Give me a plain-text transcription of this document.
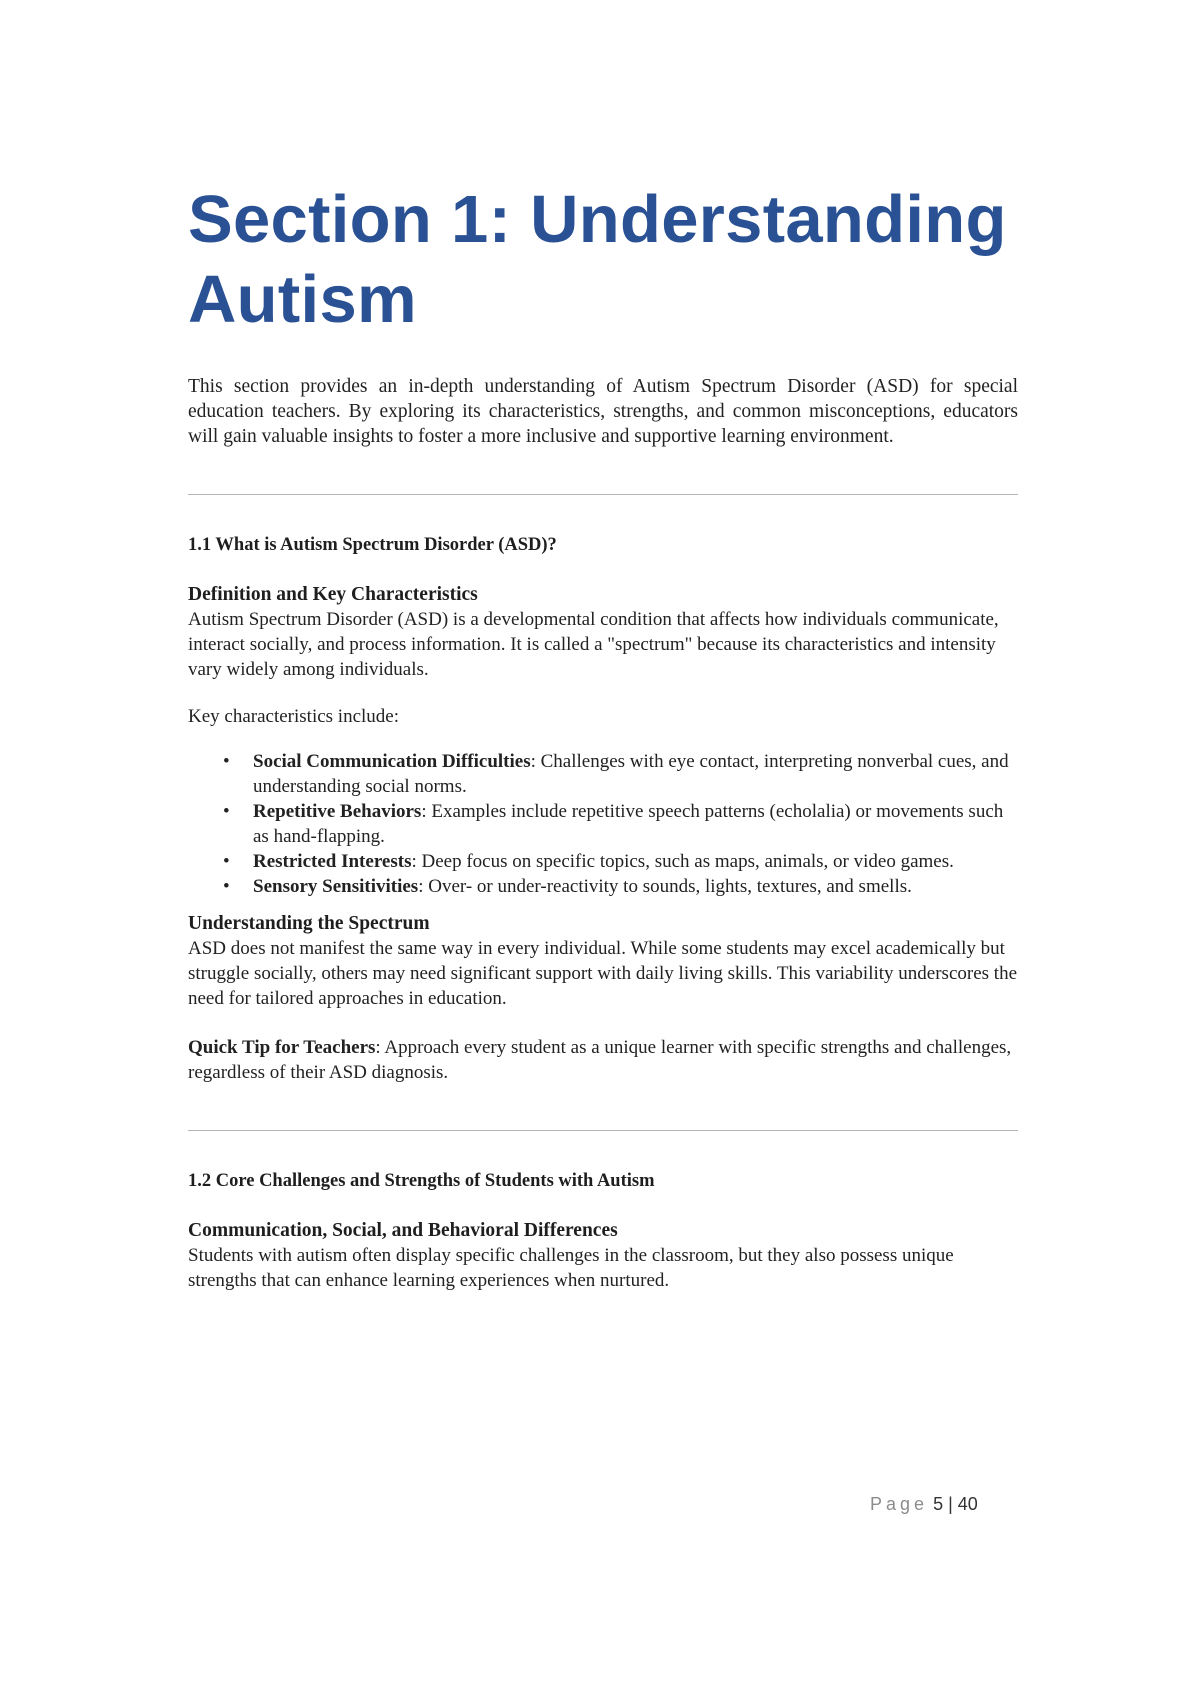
Section 1: Understanding Autism

This section provides an in-depth understanding of Autism Spectrum Disorder (ASD) for special education teachers. By exploring its characteristics, strengths, and common misconceptions, educators will gain valuable insights to foster a more inclusive and supportive learning environment.

1.1 What is Autism Spectrum Disorder (ASD)?
Definition and Key Characteristics

Autism Spectrum Disorder (ASD) is a developmental condition that affects how individuals communicate, interact socially, and process information. It is called a "spectrum" because its characteristics and intensity vary widely among individuals.

Key characteristics include:

• Social Communication Difficulties: Challenges with eye contact, interpreting nonverbal cues, and understanding social norms.
• Repetitive Behaviors: Examples include repetitive speech patterns (echolalia) or movements such as hand-flapping.
• Restricted Interests: Deep focus on specific topics, such as maps, animals, or video games.
• Sensory Sensitivities: Over- or under-reactivity to sounds, lights, textures, and smells.
Understanding the Spectrum

ASD does not manifest the same way in every individual. While some students may excel academically but struggle socially, others may need significant support with daily living skills. This variability underscores the need for tailored approaches in education.

Quick Tip for Teachers: Approach every student as a unique learner with specific strengths and challenges, regardless of their ASD diagnosis.

1.2 Core Challenges and Strengths of Students with Autism
Communication, Social, and Behavioral Differences

Students with autism often display specific challenges in the classroom, but they also possess unique strengths that can enhance learning experiences when nurtured.

Page 5 | 40
